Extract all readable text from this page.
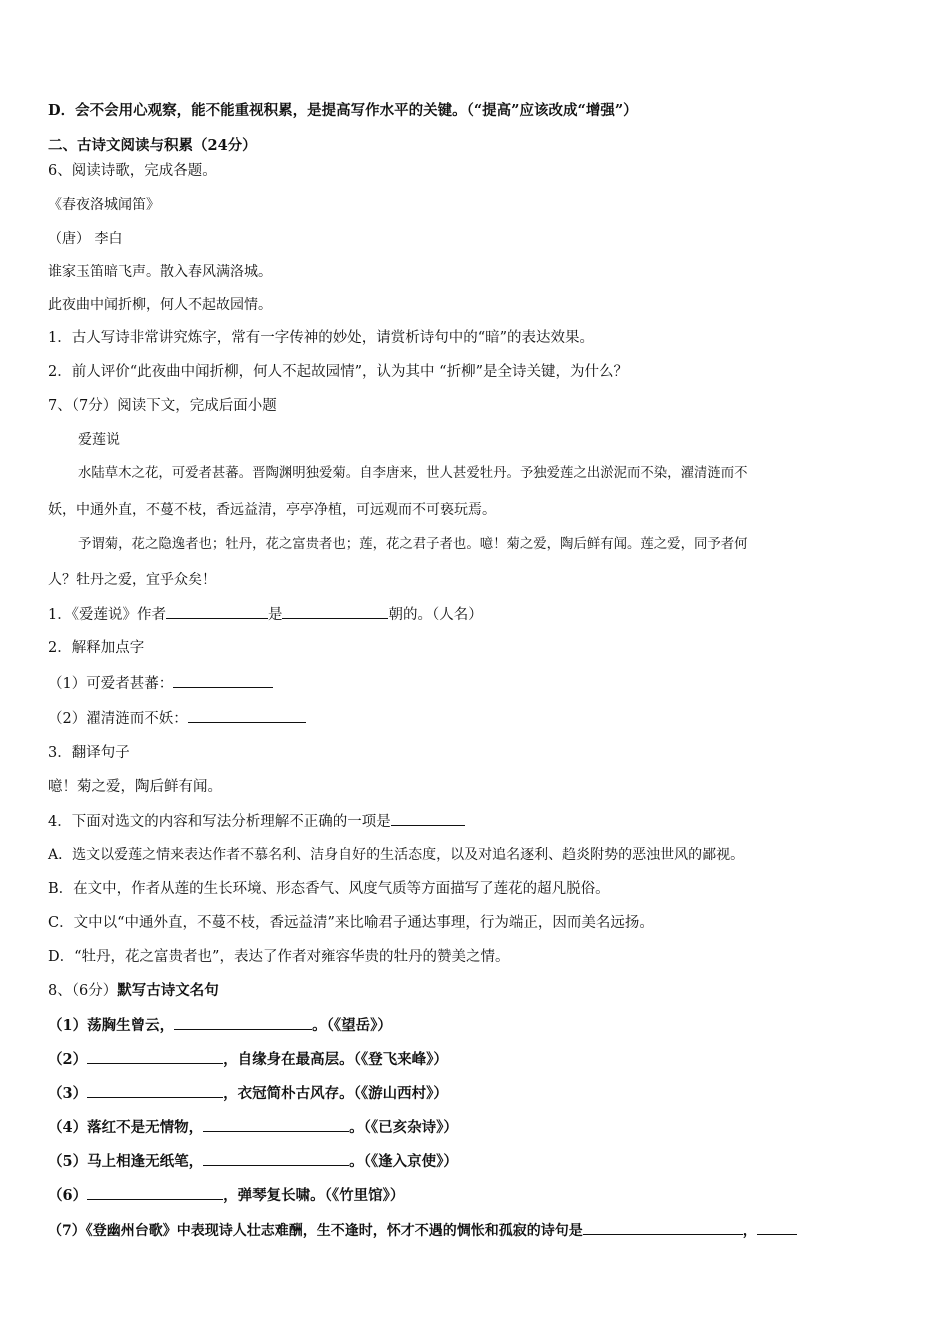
D．会不会用心观察，能不能重视积累，是提高写作水平的关键。（“提高”应该改成“增强”）
二、古诗文阅读与积累（24分）
6、阅读诗歌，完成各题。
《春夜洛城闻笛》
（唐） 李白
谁家玉笛暗飞声。散入春风满洛城。
此夜曲中闻折柳，何人不起故园情。
1．古人写诗非常讲究炼字，常有一字传神的妙处，请赏析诗句中的“暗”的表达效果。
2．前人评价“此夜曲中闻折柳，何人不起故园情”，认为其中 “折柳”是全诗关键，为什么？
7、（7分）阅读下文，完成后面小题
爱莲说
水陆草木之花，可爱者甚蕃。晋陶渊明独爱菊。自李唐来，世人甚爱牡丹。予独爱莲之出淤泥而不染，濯清涟而不
妖，中通外直，不蔓不枝，香远益清，亭亭净植，可远观而不可亵玩焉。
予谓菊，花之隐逸者也；牡丹，花之富贵者也；莲，花之君子者也。噫！菊之爱，陶后鲜有闻。莲之爱，同予者何
人？牡丹之爱，宜乎众矣！
1．《爱莲说》作者	是	朝的。（人名）
2．解释加点字
（1）可爱者甚蕃：
（2）濯清涟而不妖：
3．翻译句子
噫！菊之爱，陶后鲜有闻。
4．下面对选文的内容和写法分析理解不正确的一项是
A．选文以爱莲之情来表达作者不慕名利、洁身自好的生活态度，以及对追名逐利、趋炎附势的恶浊世风的鄙视。
B．在文中，作者从莲的生长环境、形态香气、风度气质等方面描写了莲花的超凡脱俗。
C．文中以“中通外直，不蔓不枝，香远益清”来比喻君子通达事理，行为端正，因而美名远扬。
D．“牡丹，花之富贵者也”，表达了作者对雍容华贵的牡丹的赞美之情。
8、（6分）默写古诗文名句
（1）荡胸生曾云，	。（《望岳》）
（2）	，自缘身在最高层。（《登飞来峰》）
（3）	，衣冠简朴古风存。（《游山西村》）
（4）落红不是无情物，	。（《已亥杂诗》）
（5）马上相逢无纸笔，	。（《逢入京使》）
（6）	，弹琴复长啸。（《竹里馆》）
（7）《登幽州台歌》中表现诗人壮志难酬，生不逢时，怀才不遇的惆怅和孤寂的诗句是	，
